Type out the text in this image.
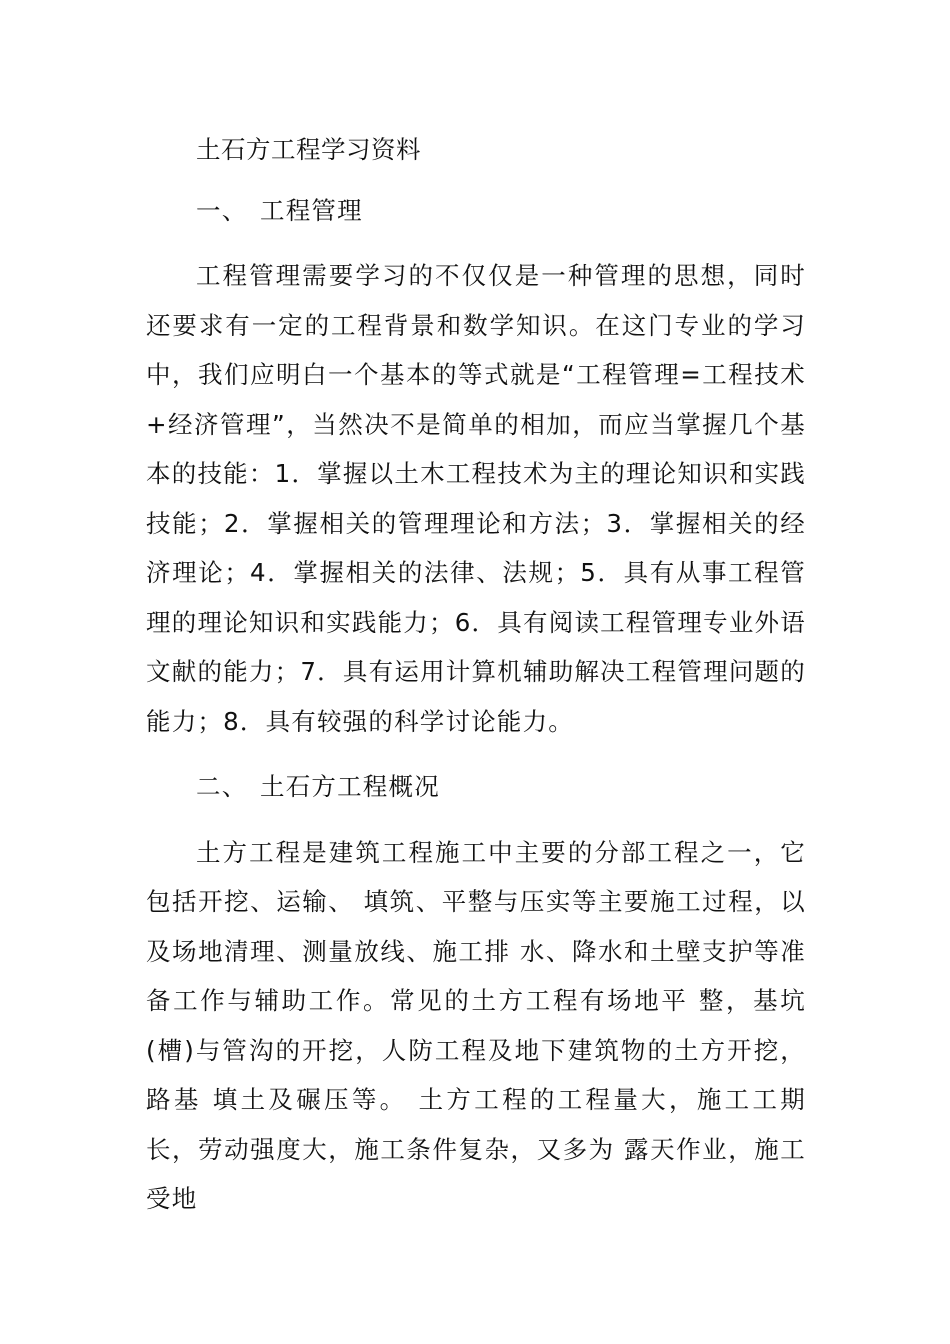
土石方工程学习资料

一、 工程管理

工程管理需要学习的不仅仅是一种管理的思想，同时还要求有一定的工程背景和数学知识。在这门专业的学习中，我们应明白一个基本的等式就是“工程管理=工程技术+经济管理”，当然决不是简单的相加，而应当掌握几个基本的技能：1．掌握以土木工程技术为主的理论知识和实践技能；2．掌握相关的管理理论和方法；3．掌握相关的经济理论；4．掌握相关的法律、法规；5．具有从事工程管理的理论知识和实践能力；6．具有阅读工程管理专业外语文献的能力；7．具有运用计算机辅助解决工程管理问题的能力；8．具有较强的科学讨论能力。

二、 土石方工程概况

土方工程是建筑工程施工中主要的分部工程之一，它包括开挖、运输、 填筑、平整与压实等主要施工过程，以及场地清理、测量放线、施工排 水、降水和土壁支护等准备工作与辅助工作。常见的土方工程有场地平 整，基坑(槽)与管沟的开挖，人防工程及地下建筑物的土方开挖，路基 填土及碾压等。 土方工程的工程量大，施工工期长，劳动强度大，施工条件复杂，又多为 露天作业，施工受地
